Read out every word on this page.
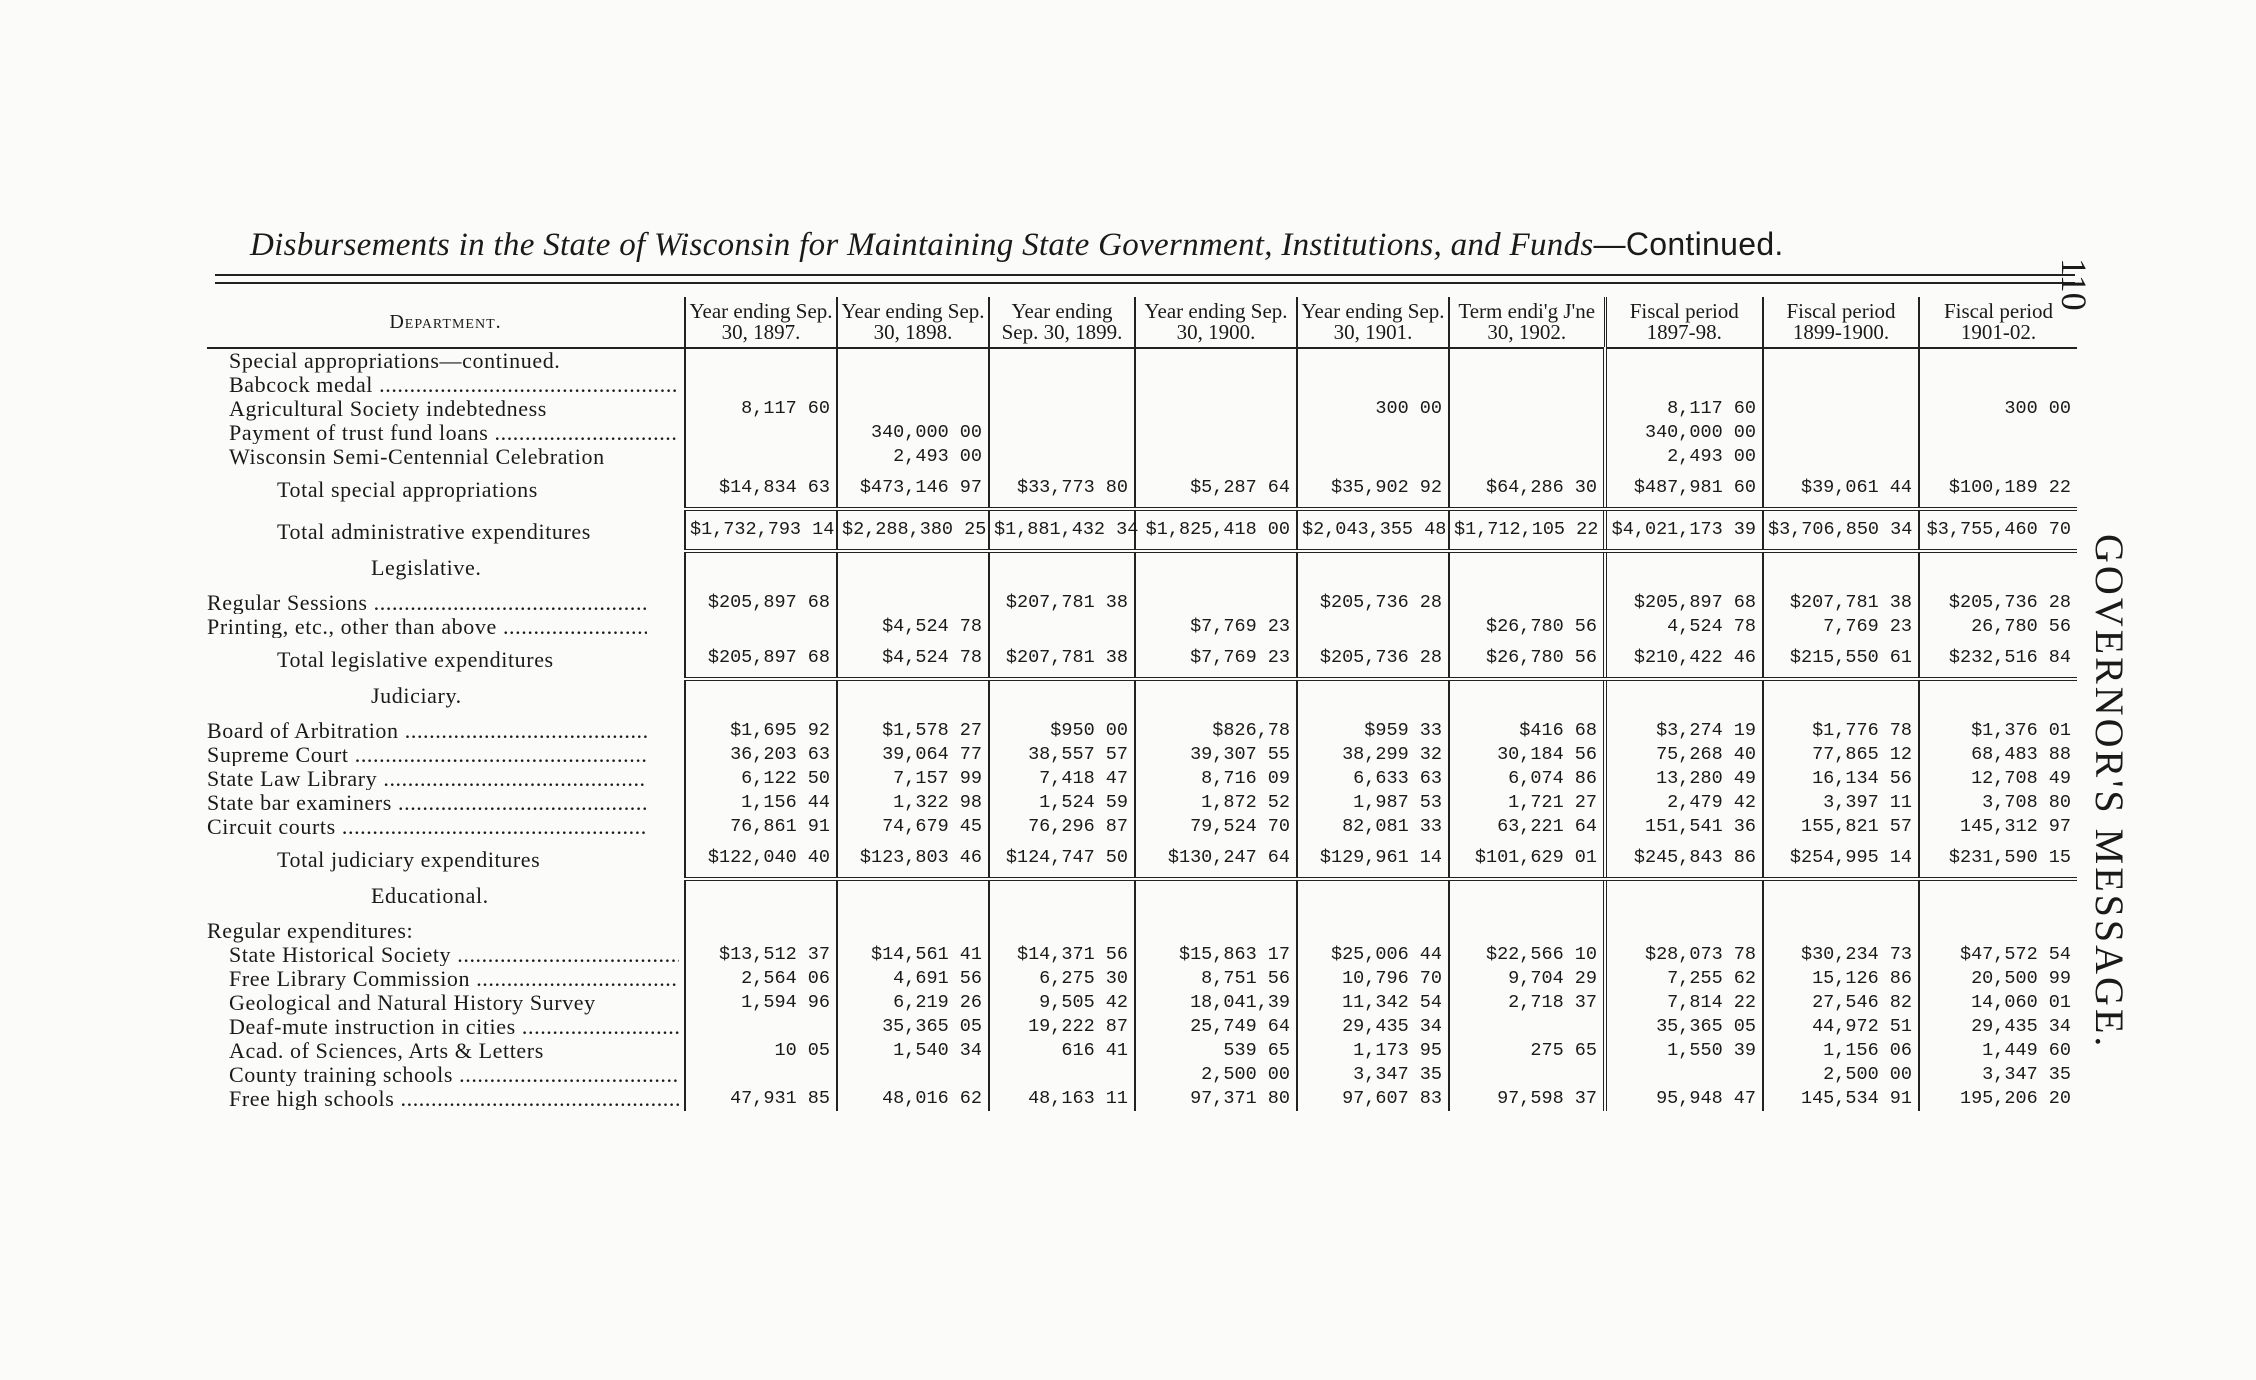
Disbursements in the State of Wisconsin for Maintaining State Government, Institutions, and Funds—Continued.
110
GOVERNOR'S MESSAGE.
Department.	Year ending Sep. 30, 1897.	Year ending Sep. 30, 1898.	Year ending Sep. 30, 1899.	Year ending Sep. 30, 1900.	Year ending Sep. 30, 1901.	Term endi'g J'ne 30, 1902.	Fiscal period 1897-98.	Fiscal period 1899-1900.	Fiscal period 1901-02.
Special appropriations—continued.									
Babcock medal .....									
Agricultural Society indebtedness	8,117 60				300 00		8,117 60		300 00
Payment of trust fund loans .....		340,000 00					340,000 00		
Wisconsin Semi-Centennial Celebration		2,493 00					2,493 00		
Total special appropriations	$14,834 63	$473,146 97	$33,773 80	$5,287 64	$35,902 92	$64,286 30	$487,981 60	$39,061 44	$100,189 22
Total administrative expenditures	$1,732,793 14	$2,288,380 25	$1,881,432 34	$1,825,418 00	$2,043,355 48	$1,712,105 22	$4,021,173 39	$3,706,850 34	$3,755,460 70
Legislative.									
Regular Sessions .....	$205,897 68		$207,781 38		$205,736 28		$205,897 68	$207,781 38	$205,736 28
Printing, etc., other than above .....		$4,524 78		$7,769 23		$26,780 56	4,524 78	7,769 23	26,780 56
Total legislative expenditures	$205,897 68	$4,524 78	$207,781 38	$7,769 23	$205,736 28	$26,780 56	$210,422 46	$215,550 61	$232,516 84
Judiciary.									
Board of Arbitration .....	$1,695 92	$1,578 27	$950 00	$826,78	$959 33	$416 68	$3,274 19	$1,776 78	$1,376 01
Supreme Court .....	36,203 63	39,064 77	38,557 57	39,307 55	38,299 32	30,184 56	75,268 40	77,865 12	68,483 88
State Law Library .....	6,122 50	7,157 99	7,418 47	8,716 09	6,633 63	6,074 86	13,280 49	16,134 56	12,708 49
State bar examiners .....	1,156 44	1,322 98	1,524 59	1,872 52	1,987 53	1,721 27	2,479 42	3,397 11	3,708 80
Circuit courts .....	76,861 91	74,679 45	76,296 87	79,524 70	82,081 33	63,221 64	151,541 36	155,821 57	145,312 97
Total judiciary expenditures	$122,040 40	$123,803 46	$124,747 50	$130,247 64	$129,961 14	$101,629 01	$245,843 86	$254,995 14	$231,590 15
Educational.									
Regular expenditures:									
State Historical Society .....	$13,512 37	$14,561 41	$14,371 56	$15,863 17	$25,006 44	$22,566 10	$28,073 78	$30,234 73	$47,572 54
Free Library Commission .....	2,564 06	4,691 56	6,275 30	8,751 56	10,796 70	9,704 29	7,255 62	15,126 86	20,500 99
Geological and Natural History Survey	1,594 96	6,219 26	9,505 42	18,041,39	11,342 54	2,718 37	7,814 22	27,546 82	14,060 01
Deaf-mute instruction in cities .....		35,365 05	19,222 87	25,749 64	29,435 34		35,365 05	44,972 51	29,435 34
Acad. of Sciences, Arts & Letters	10 05	1,540 34	616 41	539 65	1,173 95	275 65	1,550 39	1,156 06	1,449 60
County training schools .....				2,500 00	3,347 35			2,500 00	3,347 35
Free high schools .....	47,931 85	48,016 62	48,163 11	97,371 80	97,607 83	97,598 37	95,948 47	145,534 91	195,206 20
